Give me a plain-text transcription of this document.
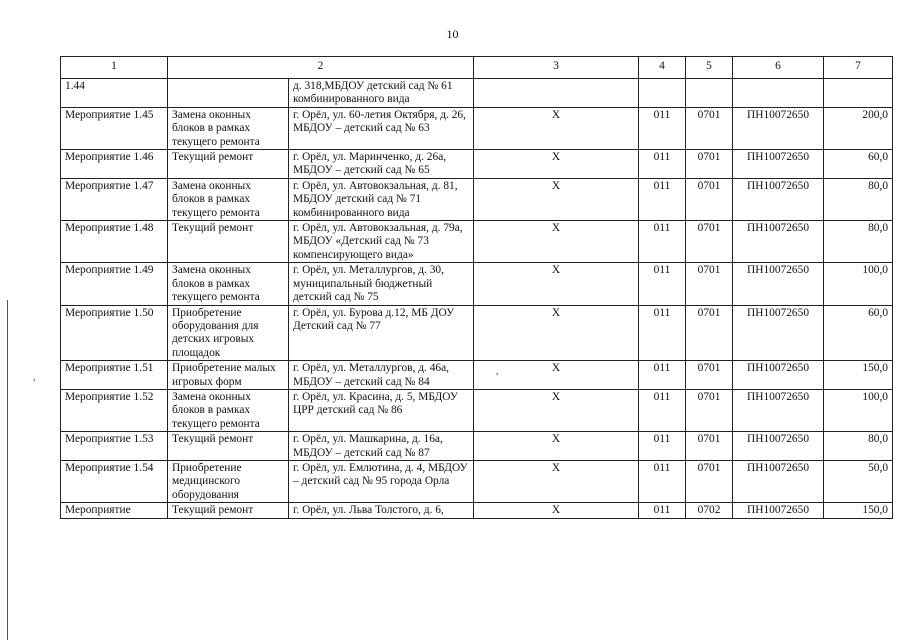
10
,
,
1	2		3	4	5	6	7
1.44		д. 318,МБДОУ детский сад № 61 комбинированного вида					
Мероприятие 1.45	Замена оконных блоков в рамках текущего ремонта	г. Орёл, ул. 60-летия Октября, д. 26, МБДОУ – детский сад № 63	X	011	0701	ПН10072650	200,0
Мероприятие 1.46	Текущий ремонт	г. Орёл, ул. Маринченко, д. 26а, МБДОУ – детский сад № 65	X	011	0701	ПН10072650	60,0
Мероприятие 1.47	Замена оконных блоков в рамках текущего ремонта	г. Орёл, ул. Автовокзальная, д. 81, МБДОУ детский сад № 71 комбинированного вида	X	011	0701	ПН10072650	80,0
Мероприятие 1.48	Текущий ремонт	г. Орёл, ул. Автовокзальная, д. 79а, МБДОУ «Детский сад № 73 компенсирующего вида»	X	011	0701	ПН10072650	80,0
Мероприятие 1.49	Замена оконных блоков в рамках текущего ремонта	г. Орёл, ул. Металлургов, д. 30, муниципальный бюджетный детский сад № 75	X	011	0701	ПН10072650	100,0
Мероприятие 1.50	Приобретение оборудования для детских игровых площадок	г. Орёл, ул. Бурова д.12, МБ ДОУ Детский сад № 77	X	011	0701	ПН10072650	60,0
Мероприятие 1.51	Приобретение малых игровых форм	г. Орёл, ул. Металлургов, д. 46а, МБДОУ – детский сад № 84	X	011	0701	ПН10072650	150,0
Мероприятие 1.52	Замена оконных блоков в рамках текущего ремонта	г. Орёл, ул. Красина, д. 5, МБДОУ ЦРР детский сад № 86	X	011	0701	ПН10072650	100,0
Мероприятие 1.53	Текущий ремонт	г. Орёл, ул. Машкарина, д. 16а, МБДОУ – детский сад № 87	X	011	0701	ПН10072650	80,0
Мероприятие 1.54	Приобретение медицинского оборудования	г. Орёл, ул. Емлютина, д. 4, МБДОУ – детский сад № 95 города Орла	X	011	0701	ПН10072650	50,0
Мероприятие	Текущий ремонт	г. Орёл, ул. Льва Толстого, д. 6,	X	011	0702	ПН10072650	150,0
